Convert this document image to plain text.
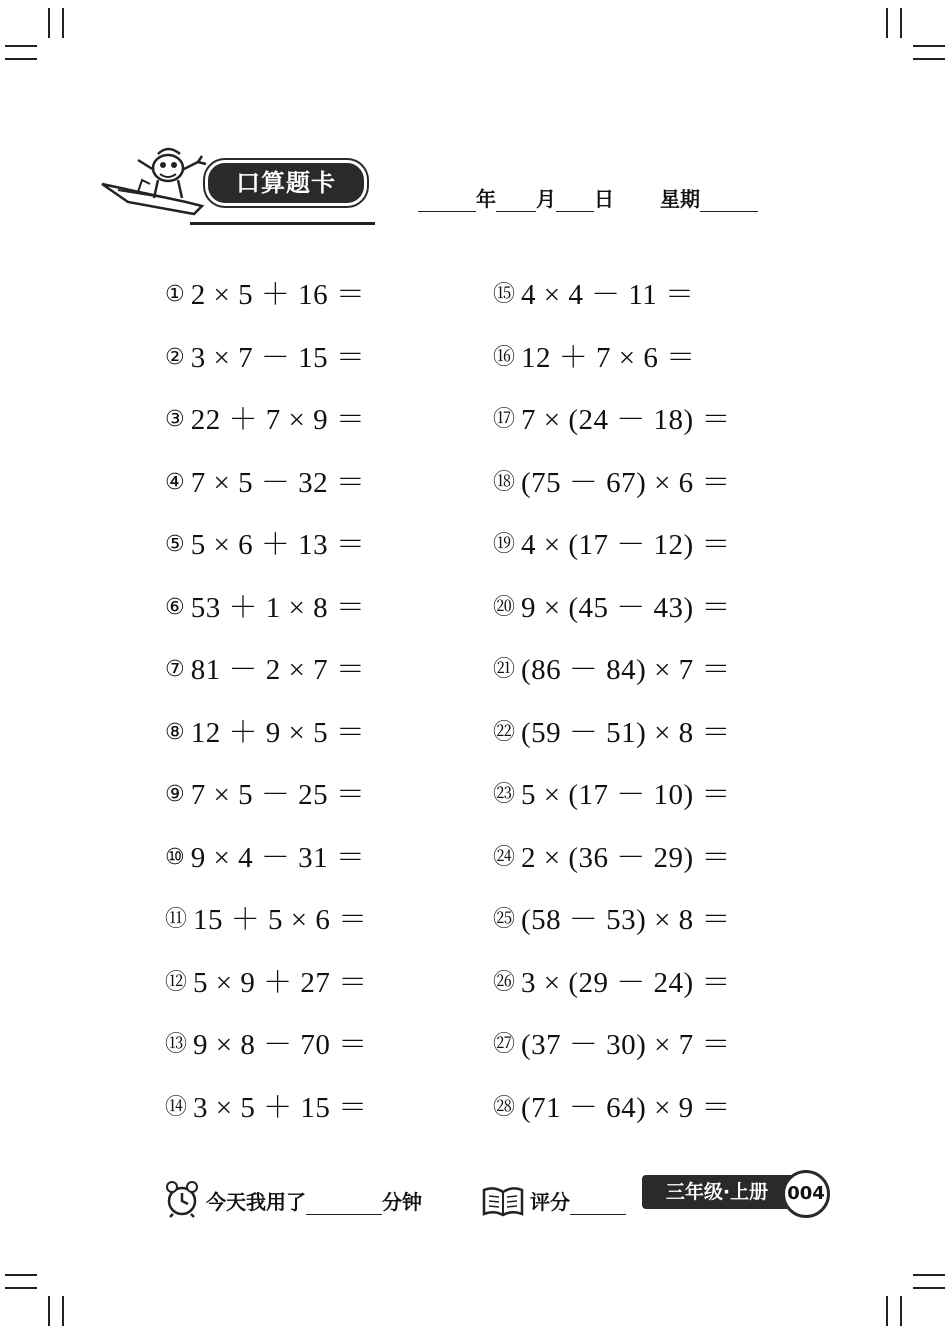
口算题卡
年 月 日 星期
① 2 × 5 ＋ 16 ＝
② 3 × 7 － 15 ＝
③ 22 ＋ 7 × 9 ＝
④ 7 × 5 － 32 ＝
⑤ 5 × 6 ＋ 13 ＝
⑥ 53 ＋ 1 × 8 ＝
⑦ 81 － 2 × 7 ＝
⑧ 12 ＋ 9 × 5 ＝
⑨ 7 × 5 － 25 ＝
⑩ 9 × 4 － 31 ＝
⑪ 15 ＋ 5 × 6 ＝
⑫ 5 × 9 ＋ 27 ＝
⑬ 9 × 8 － 70 ＝
⑭ 3 × 5 ＋ 15 ＝
⑮ 4 × 4 － 11 ＝
⑯ 12 ＋ 7 × 6 ＝
⑰ 7 × (24 － 18) ＝
⑱ (75 － 67) × 6 ＝
⑲ 4 × (17 － 12) ＝
⑳ 9 × (45 － 43) ＝
㉑ (86 － 84) × 7 ＝
㉒ (59 － 51) × 8 ＝
㉓ 5 × (17 － 10) ＝
㉔ 2 × (36 － 29) ＝
㉕ (58 － 53) × 8 ＝
㉖ 3 × (29 － 24) ＝
㉗ (37 － 30) × 7 ＝
㉘ (71 － 64) × 9 ＝
今天我用了	分钟	评分	三年级·上册	004
